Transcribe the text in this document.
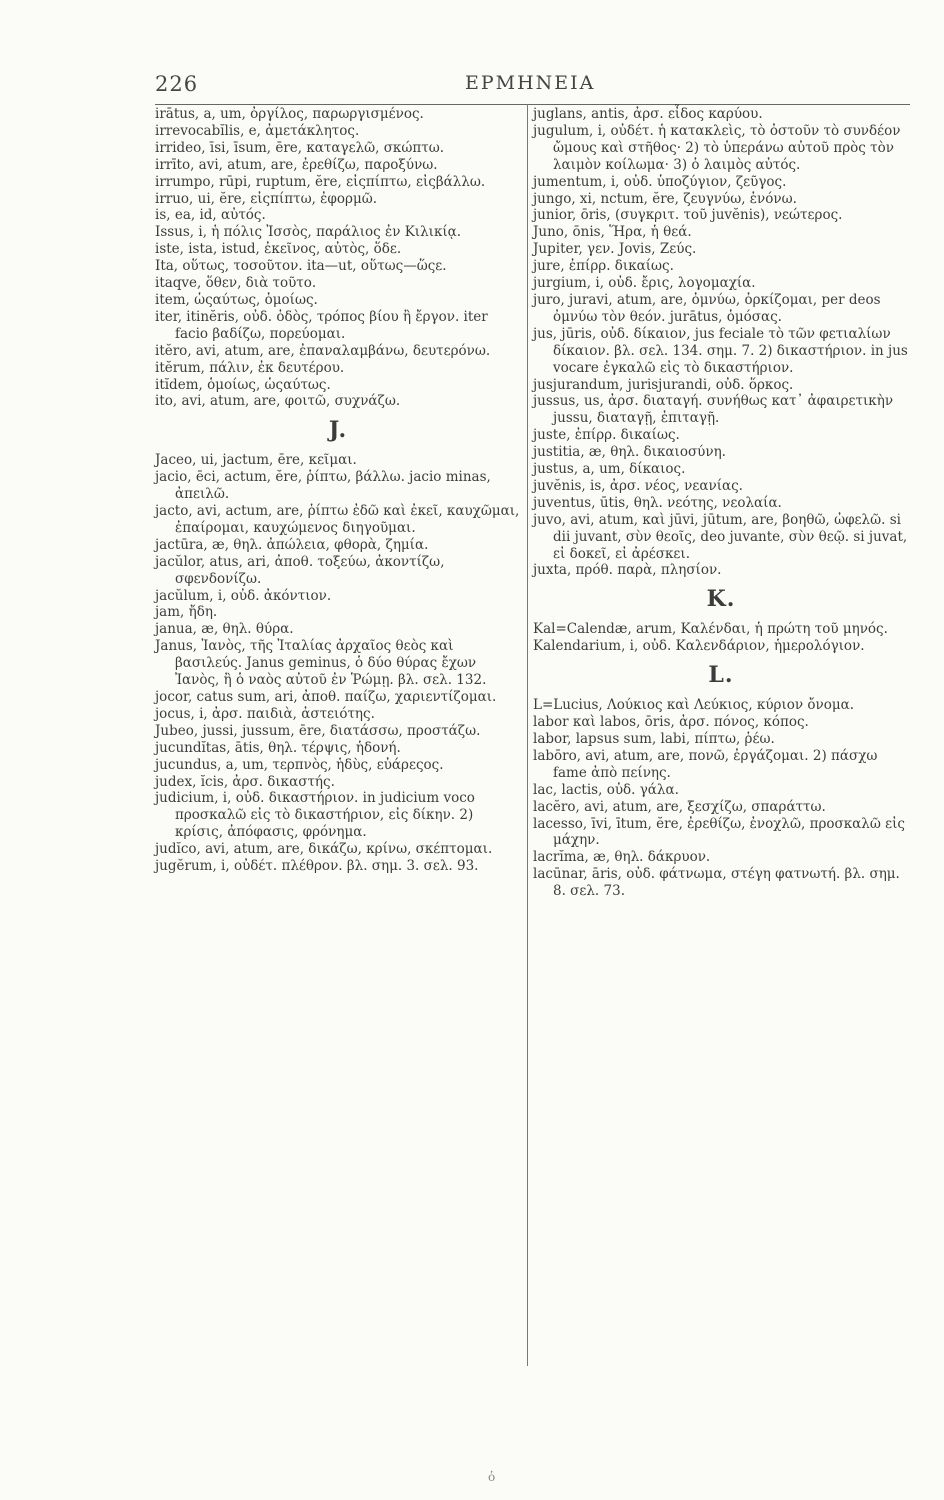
226	ΕΡΜΗΝΕΙΑ

irātus, a, um, ὀργίλος, παρωργισμένος.

irrevocabĭlis, e, ἀμετάκλητος.

irrideo, īsi, īsum, ēre, καταγελῶ, σκώπτω.

irrīto, avi, atum, are, ἐρεθίζω, παροξύνω.

irrumpo, rūpi, ruptum, ĕre, εἰςπίπτω, εἰςβάλλω.

irruo, ui, ĕre, εἰςπίπτω, ἐφορμῶ.

is, ea, id, αὐτός.

Issus, i, ἡ πόλις Ἰσσὸς, παράλιος ἐν Κιλικίᾳ.

iste, ista, istud, ἐκεῖνος, αὐτὸς, ὅδε.

Ita, οὕτως, τοσοῦτον. ita—ut, οὕτως—ὥςε.

itaqve, ὅθεν, διὰ τοῦτο.

item, ὡςαύτως, ὁμοίως.

iter, itinĕris, οὐδ. ὁδὸς, τρόπος βίου ἢ ἔργον. iter facio βαδίζω, πορεύομαι.

itĕro, avi, atum, are, ἐπαναλαμβάνω, δευτερόνω.

itĕrum, πάλιν, ἐκ δευτέρου.

itĭdem, ὁμοίως, ὡςαύτως.

ito, avi, atum, are, φοιτῶ, συχνάζω.

J.

Jaceo, ui, jactum, ēre, κεῖμαι.

jacio, ēci, actum, ĕre, ῥίπτω, βάλλω. jacio minas, ἀπειλῶ.

jacto, avi, actum, are, ῥίπτω ἐδῶ καὶ ἐκεῖ, καυχῶμαι, ἐπαίρομαι, καυχώμενος διηγοῦμαι.

jactūra, æ, θηλ. ἀπώλεια, φθορὰ, ζημία.

jacŭlor, atus, ari, ἀποθ. τοξεύω, ἀκοντίζω, σφενδονίζω.

jacŭlum, i, οὐδ. ἀκόντιον.

jam, ἤδη.

janua, æ, θηλ. θύρα.

Janus, Ἰανὸς, τῆς Ἰταλίας ἀρχαῖος θεὸς καὶ βασιλεύς. Janus geminus, ὁ δύο θύρας ἔχων Ἰανὸς, ἢ ὁ ναὸς αὐτοῦ ἐν Ῥώμῃ. βλ. σελ. 132.

jocor, catus sum, ari, ἀποθ. παίζω, χαριεντίζομαι.

jocus, i, ἀρσ. παιδιὰ, ἀστειότης.

Jubeo, jussi, jussum, ēre, διατάσσω, προστάζω.

jucundĭtas, ātis, θηλ. τέρψις, ἡδονή.

jucundus, a, um, τερπνὸς, ἡδὺς, εὐάρεςος.

judex, ĭcis, ἀρσ. δικαστής.

judicium, i, οὐδ. δικαστήριον. in judicium voco προσκαλῶ εἰς τὸ δικαστήριον, εἰς δίκην. 2) κρίσις, ἀπόφασις, φρόνημα.

judĭco, avi, atum, are, δικάζω, κρίνω, σκέπτομαι.

jugĕrum, i, οὐδέτ. πλέθρον. βλ. σημ. 3. σελ. 93.

juglans, antis, ἀρσ. εἶδος καρύου.

jugulum, i, οὐδέτ. ἡ κατακλεὶς, τὸ ὀστοῦν τὸ συνδέον ὤμους καὶ στῆθος· 2) τὸ ὑπεράνω αὐτοῦ πρὸς τὸν λαιμὸν κοίλωμα· 3) ὁ λαιμὸς αὐτός.

jumentum, i, οὐδ. ὑποζύγιον, ζεῦγος.

jungo, xi, nctum, ĕre, ζευγνύω, ἑνόνω.

junior, ōris, (συγκριτ. τοῦ juvĕnis), νεώτερος.

Juno, ōnis, Ἥρα, ἡ θεά.

Jupiter, γεν. Jovis, Ζεύς.

jure, ἐπίρρ. δικαίως.

jurgium, i, οὐδ. ἔρις, λογομαχία.

juro, juravi, atum, are, ὀμνύω, ὁρκίζομαι, per deos ὀμνύω τὸν θεόν. jurātus, ὁμόσας.

jus, jūris, οὐδ. δίκαιον, jus feciale τὸ τῶν φετιαλίων δίκαιον. βλ. σελ. 134. σημ. 7. 2) δικαστήριον. in jus vocare ἐγκαλῶ εἰς τὸ δικαστήριον.

jusjurandum, jurisjurandi, οὐδ. ὅρκος.

jussus, us, ἀρσ. διαταγή. συνήθως κατ᾿ ἀφαιρετικὴν jussu, διαταγῇ, ἐπιταγῇ.

juste, ἐπίρρ. δικαίως.

justitia, æ, θηλ. δικαιοσύνη.

justus, a, um, δίκαιος.

juvĕnis, is, ἀρσ. νέος, νεανίας.

juventus, ūtis, θηλ. νεότης, νεολαία.

juvo, avi, atum, καὶ jūvi, jūtum, are, βοηθῶ, ὠφελῶ. si dii juvant, σὺν θεοῖς, deo juvante, σὺν θεῷ. si juvat, εἰ δοκεῖ, εἰ ἀρέσκει.

juxta, πρόθ. παρὰ, πλησίον.

K.

Kal=Calendæ, arum, Καλένδαι, ἡ πρώτη τοῦ μηνός.

Kalendarium, i, οὐδ. Καλενδάριον, ἡμερολόγιον.

L.

L=Lucius, Λούκιος καὶ Λεύκιος, κύριον ὄνομα.

labor καὶ labos, ōris, ἀρσ. πόνος, κόπος.

labor, lapsus sum, labi, πίπτω, ῥέω.

labōro, avi, atum, are, πονῶ, ἐργάζομαι. 2) πάσχω fame ἀπὸ πείνης.

lac, lactis, οὐδ. γάλα.

lacĕro, avi, atum, are, ξεσχίζω, σπαράττω.

lacesso, īvi, ītum, ĕre, ἐρεθίζω, ἐνοχλῶ, προσκαλῶ εἰς μάχην.

lacrĭma, æ, θηλ. δάκρυον.

lacūnar, āris, οὐδ. φάτνωμα, στέγη φατνωτή. βλ. σημ. 8. σελ. 73.

ὁ
